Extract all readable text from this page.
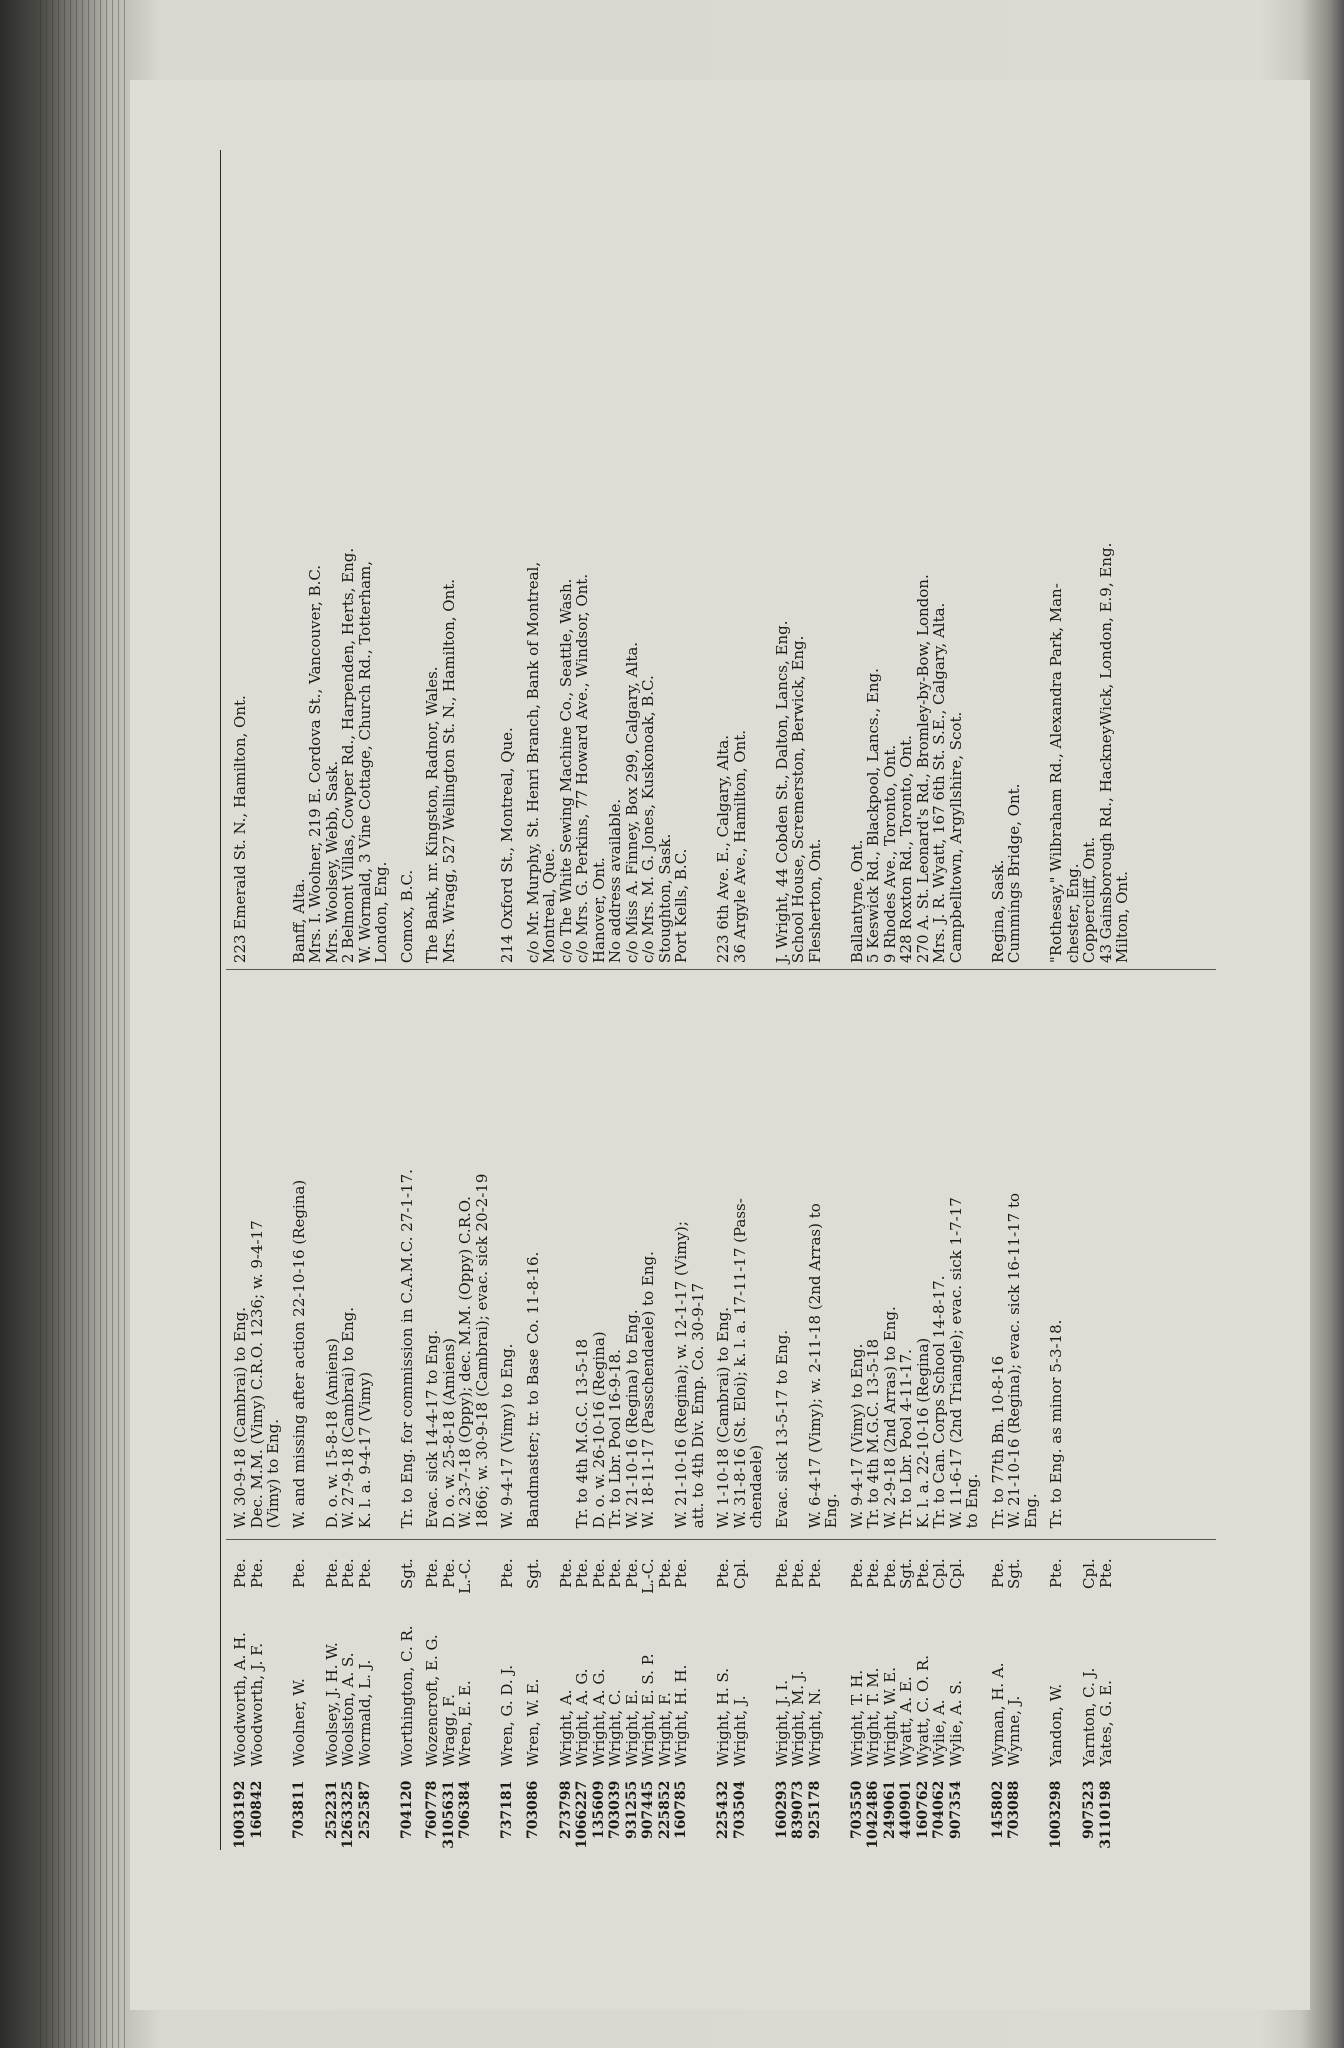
1003192 160842
Woodworth, A. H.
Woodworth, J. F.
Pte.
Pte.
W. 30-9-18 (Cambrai) to Eng.
Dec. M.M. (Vimy) C.R.O. 1236; w. 9-4-17
(Vimy) to Eng.
223 Emerald St. N., Hamilton, Ont.
703811 252231 1263325 252587
Woolner, W. Woolsey, J. H. W.
Woolston, A. S.
Wormald, L. J.
Pte. Pte.
Pte.
Pte.
W. and missing after action 22-10-16 (Regina) D. o. w. 15-8-18 (Amiens)
W. 27-9-18 (Cambrai) to Eng.
K. l. a. 9-4-17 (Vimy)
Banff, Alta.
Mrs. I. Woolner, 219 E. Cordova St., Vancouver, B.C.
Mrs. Woolsey, Webb, Sask.
2 Belmont Villas, Cowper Rd., Harpenden, Herts, Eng.
W. Wormald, 3 Vine Cottage, Church Rd., Totterham,
London, Eng.
704120
Worthington, C. R.
Sgt.
Tr. to Eng. for commission in C.A.M.C. 27-1-17.
Comox, B.C.
760778 3105631 706384
Wozencroft, E. G.
Wragg, F.
Wren, E. E.
Pte.
Pte.
L.-C.
Evac. sick 14-4-17 to Eng.
D. o. w. 25-8-18 (Amiens)
W. 23-7-18 (Oppy); dec. M.M. (Oppy) C.R.O.
1866; w. 30-9-18 (Cambrai); evac. sick 20-2-19
The Bank, nr. Kingston, Radnor, Wales.
Mrs. Wragg, 527 Wellington St. N., Hamilton, Ont.
737181
Wren, G. D. J.
Pte.
W. 9-4-17 (Vimy) to Eng.
214 Oxford St., Montreal, Que.
703086 273798 1066227 135609 703039 931255 907445 225852 160785
Wren, W. E. Wright, A.
Wright, A. G.
Wright, A. G.
Wright, C.
Wright, E.
Wright, E. S. P.
Wright, F.
Wright, H. H.
Sgt. Pte.
Pte.
Pte.
Pte.
Pte.
L.-C.
Pte.
Pte.
Bandmaster; tr. to Base Co. 11-8-16. Tr. to 4th M.G.C. 13-5-18
D. o. w. 26-10-16 (Regina)
Tr. to Lbr. Pool 16-9-18.
W. 21-10-16 (Regina) to Eng.
W. 18-11-17 (Passchendaele) to Eng. W. 21-10-16 (Regina); w. 12-1-17 (Vimy);
att. to 4th Div. Emp. Co. 30-9-17
c/o Mr. Murphy, St. Henri Branch, Bank of Montreal,
Montreal, Que.
c/o The White Sewing Machine Co., Seattle, Wash.
c/o Mrs. G. Perkins, 77 Howard Ave., Windsor, Ont.
Hanover, Ont.
No address available.
c/o Miss A. Finney, Box 299, Calgary, Alta.
c/o Mrs. M. G. Jones, Kuskonoak, B.C.
Stoughton, Sask.
Port Kells, B.C.
225432 703504
Wright, H. S.
Wright, J.
Pte.
Cpl.
W. 1-10-18 (Cambrai) to Eng.
W. 31-8-16 (St. Eloi); k. l. a. 17-11-17 (Pass-
chendaele)
223 6th Ave. E., Calgary, Alta.
36 Argyle Ave., Hamilton, Ont.
160293 839073 925178
Wright, J. I.
Wright, M. J.
Wright, N.
Pte.
Pte.
Pte.
Evac. sick 13-5-17 to Eng. W. 6-4-17 (Vimy); w. 2-11-18 (2nd Arras) to
Eng.
J. Wright, 44 Cobden St., Dalton, Lancs, Eng.
School House, Scremerston, Berwick, Eng.
Flesherton, Ont.
703550 1042486 249061 440901 160762 704062 907354
Wright, T. H.
Wright, T. M.
Wright, W. E.
Wyatt, A. E.
Wyatt, C. O. R.
Wylie, A.
Wylie, A. S.
Pte.
Pte.
Pte.
Sgt.
Pte.
Cpl.
Cpl.
W. 9-4-17 (Vimy) to Eng.
Tr. to 4th M.G.C. 13-5-18
W. 2-9-18 (2nd Arras) to Eng.
Tr. to Lbr. Pool 4-11-17.
K. l. a. 22-10-16 (Regina)
Tr. to Can. Corps School 14-8-17.
W. 11-6-17 (2nd Triangle); evac. sick 1-7-17
to Eng.
Ballantyne, Ont.
5 Keswick Rd., Blackpool, Lancs., Eng.
9 Rhodes Ave., Toronto, Ont.
428 Roxton Rd., Toronto, Ont.
270 A. St. Leonard's Rd., Bromley-by-Bow, London.
Mrs. J. R. Wyatt, 167 6th St. S.E., Calgary, Alta.
Campbelltown, Argyllshire, Scot.
145802 703088
Wyman, H. A.
Wynne, J.
Pte.
Sgt.
Tr. to 77th Bn. 10-8-16
W. 21-10-16 (Regina); evac. sick 16-11-17 to
Eng.
Regina, Sask.
Cummings Bridge, Ont.
1003298 907523 3110198
Yandon, W. Yarnton, C. J.
Yates, G. E.
Pte. Cpl.
Pte.
Tr. to Eng. as minor 5-3-18.
"Rothesay," Wilbraham Rd., Alexandra Park, Man-
chester, Eng.
Coppercliff, Ont.
43 Gainsborough Rd., HackneyWick, London, E.9, Eng.
Milton, Ont.
